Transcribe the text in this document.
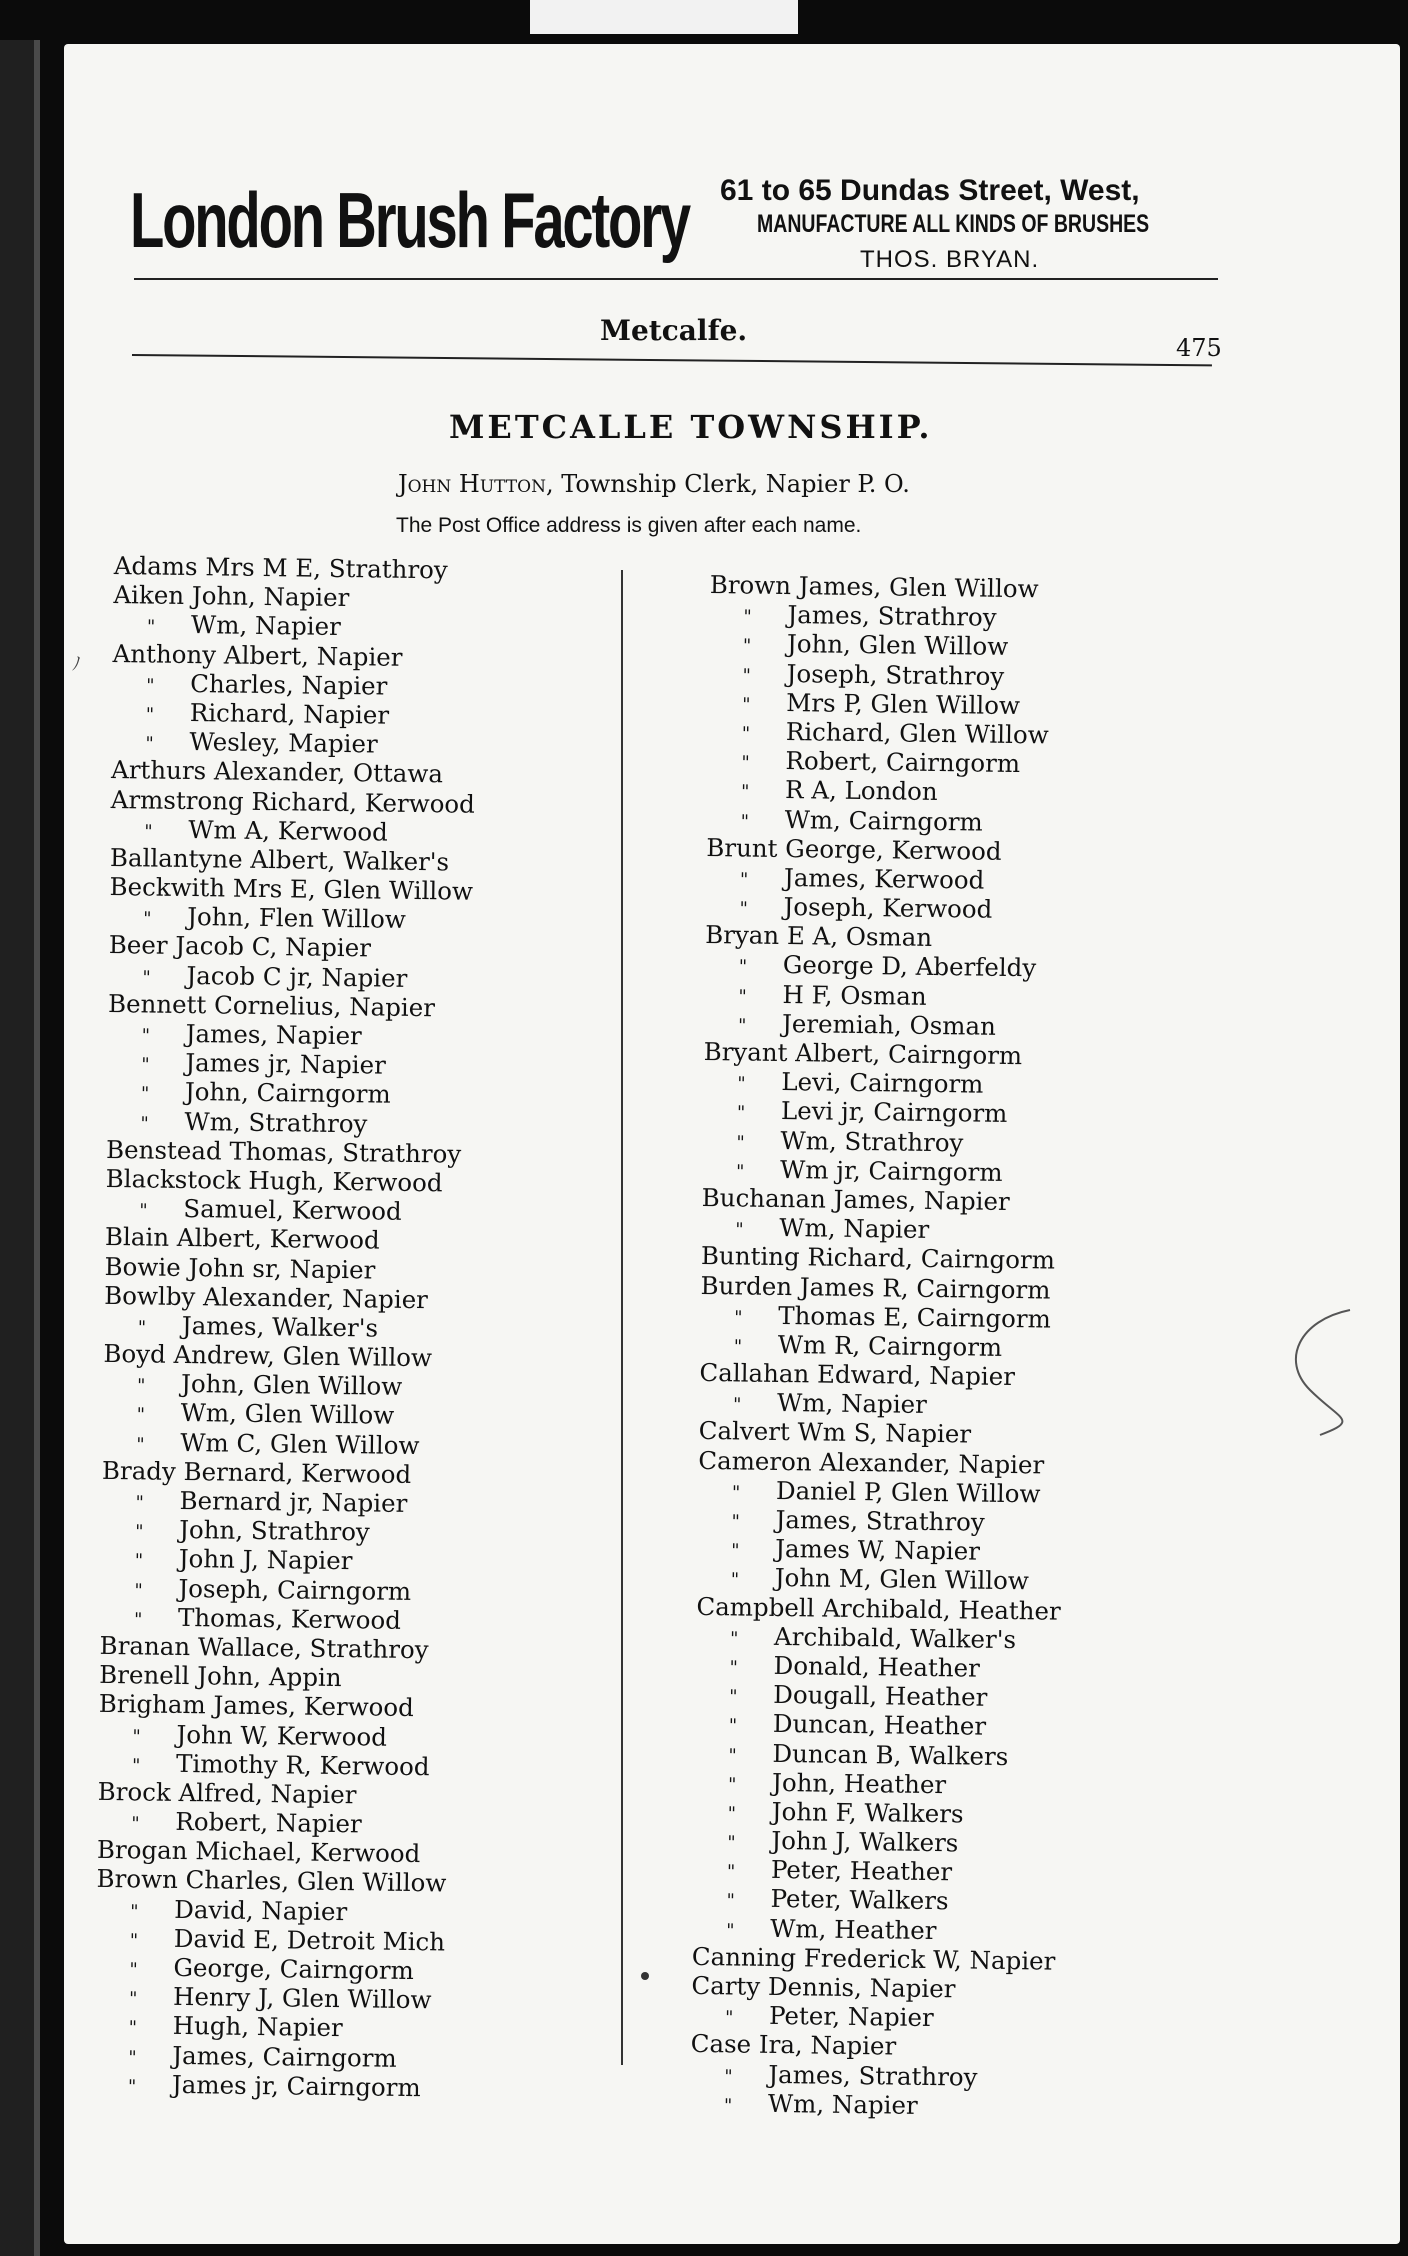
London Brush Factory 61 to 65 Dundas Street, West,
MANUFACTURE ALL KINDS OF BRUSHES
THOS. BRYAN.
Metcalfe.
475
METCALLE TOWNSHIP.
John Hutton, Township Clerk, Napier P. O.
The Post Office address is given after each name.
ﾉ
Adams Mrs M E, Strathroy
Aiken John, Napier
" Wm, Napier
Anthony Albert, Napier
" Charles, Napier
" Richard, Napier
" Wesley, Mapier
Arthurs Alexander, Ottawa
Armstrong Richard, Kerwood
" Wm A, Kerwood
Ballantyne Albert, Walker's
Beckwith Mrs E, Glen Willow
" John, Flen Willow
Beer Jacob C, Napier
" Jacob C jr, Napier
Bennett Cornelius, Napier
" James, Napier
" James jr, Napier
" John, Cairngorm
" Wm, Strathroy
Benstead Thomas, Strathroy
Blackstock Hugh, Kerwood
" Samuel, Kerwood
Blain Albert, Kerwood
Bowie John sr, Napier
Bowlby Alexander, Napier
" James, Walker's
Boyd Andrew, Glen Willow
" John, Glen Willow
" Wm, Glen Willow
" Wm C, Glen Willow
Brady Bernard, Kerwood
" Bernard jr, Napier
" John, Strathroy
" John J, Napier
" Joseph, Cairngorm
" Thomas, Kerwood
Branan Wallace, Strathroy
Brenell John, Appin
Brigham James, Kerwood
" John W, Kerwood
" Timothy R, Kerwood
Brock Alfred, Napier
" Robert, Napier
Brogan Michael, Kerwood
Brown Charles, Glen Willow
" David, Napier
" David E, Detroit Mich
" George, Cairngorm
" Henry J, Glen Willow
" Hugh, Napier
" James, Cairngorm
" James jr, Cairngorm
Brown James, Glen Willow
" James, Strathroy
" John, Glen Willow
" Joseph, Strathroy
" Mrs P, Glen Willow
" Richard, Glen Willow
" Robert, Cairngorm
" R A, London
" Wm, Cairngorm
Brunt George, Kerwood
" James, Kerwood
" Joseph, Kerwood
Bryan E A, Osman
" George D, Aberfeldy
" H F, Osman
" Jeremiah, Osman
Bryant Albert, Cairngorm
" Levi, Cairngorm
" Levi jr, Cairngorm
" Wm, Strathroy
" Wm jr, Cairngorm
Buchanan James, Napier
" Wm, Napier
Bunting Richard, Cairngorm
Burden James R, Cairngorm
" Thomas E, Cairngorm
" Wm R, Cairngorm
Callahan Edward, Napier
" Wm, Napier
Calvert Wm S, Napier
Cameron Alexander, Napier
" Daniel P, Glen Willow
" James, Strathroy
" James W, Napier
" John M, Glen Willow
Campbell Archibald, Heather
" Archibald, Walker's
" Donald, Heather
" Dougall, Heather
" Duncan, Heather
" Duncan B, Walkers
" John, Heather
" John F, Walkers
" John J, Walkers
" Peter, Heather
" Peter, Walkers
" Wm, Heather
Canning Frederick W, Napier
Carty Dennis, Napier
" Peter, Napier
Case Ira, Napier
" James, Strathroy
" Wm, Napier
